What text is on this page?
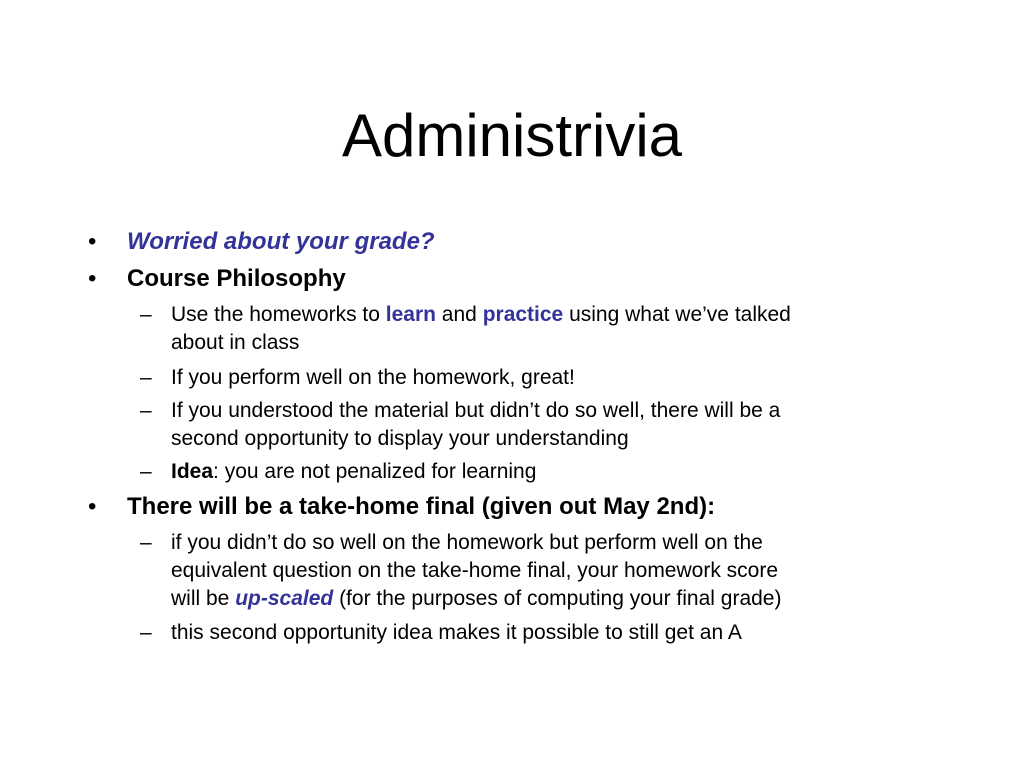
Administrivia
• Worried about your grade?
• Course Philosophy
– Use the homeworks to learn and practice using what we’ve talked
about in class
– If you perform well on the homework, great!
– If you understood the material but didn’t do so well, there will be a
second opportunity to display your understanding
– Idea: you are not penalized for learning
• There will be a take-home final (given out May 2nd):
– if you didn’t do so well on the homework but perform well on the
equivalent question on the take-home final, your homework score
will be up-scaled (for the purposes of computing your final grade)
– this second opportunity idea makes it possible to still get an A
